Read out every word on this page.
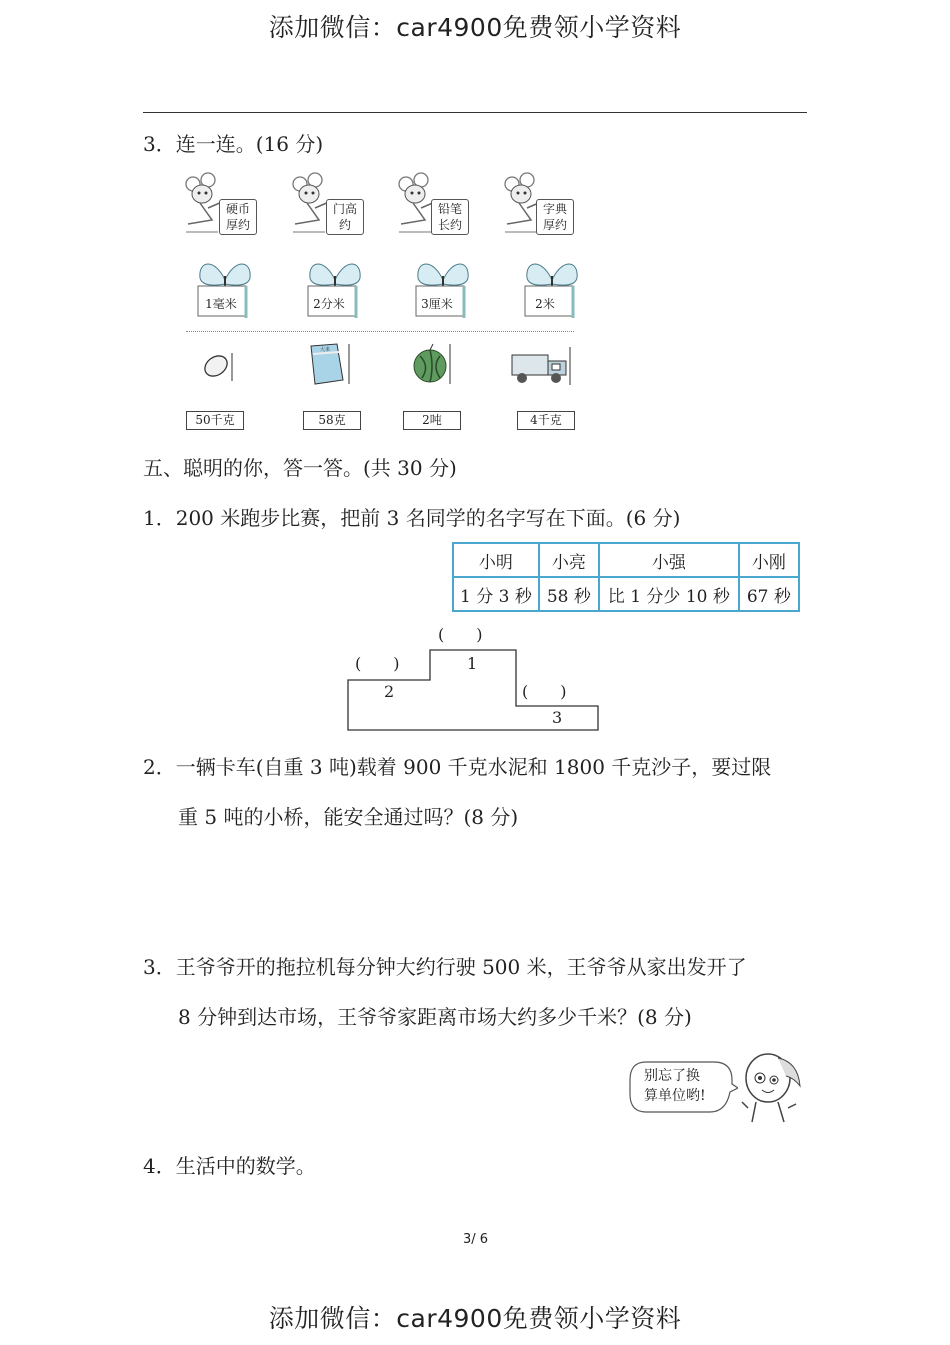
添加微信：car4900免费领小学资料
3．连一连。(16 分)
硬币
厚约
门高
约
铅笔
长约
字典
厚约
1毫米	2分米	3厘米	2米
大米
50千克	58克	2吨	4千克
五、聪明的你，答一答。(共 30 分)
1．200 米跑步比赛，把前 3 名同学的名字写在下面。(6 分)
小明	小亮	小强	小刚
1 分 3 秒	58 秒	比 1 分少 10 秒	67 秒
(　　)
(　　)
(　　)
1
2
3
2．一辆卡车(自重 3 吨)载着 900 千克水泥和 1800 千克沙子，要过限
重 5 吨的小桥，能安全通过吗？(8 分)
3．王爷爷开的拖拉机每分钟大约行驶 500 米，王爷爷从家出发开了
8 分钟到达市场，王爷爷家距离市场大约多少千米？(8 分)
别忘了换
算单位哟!
4．生活中的数学。
3/ 6
添加微信：car4900免费领小学资料
